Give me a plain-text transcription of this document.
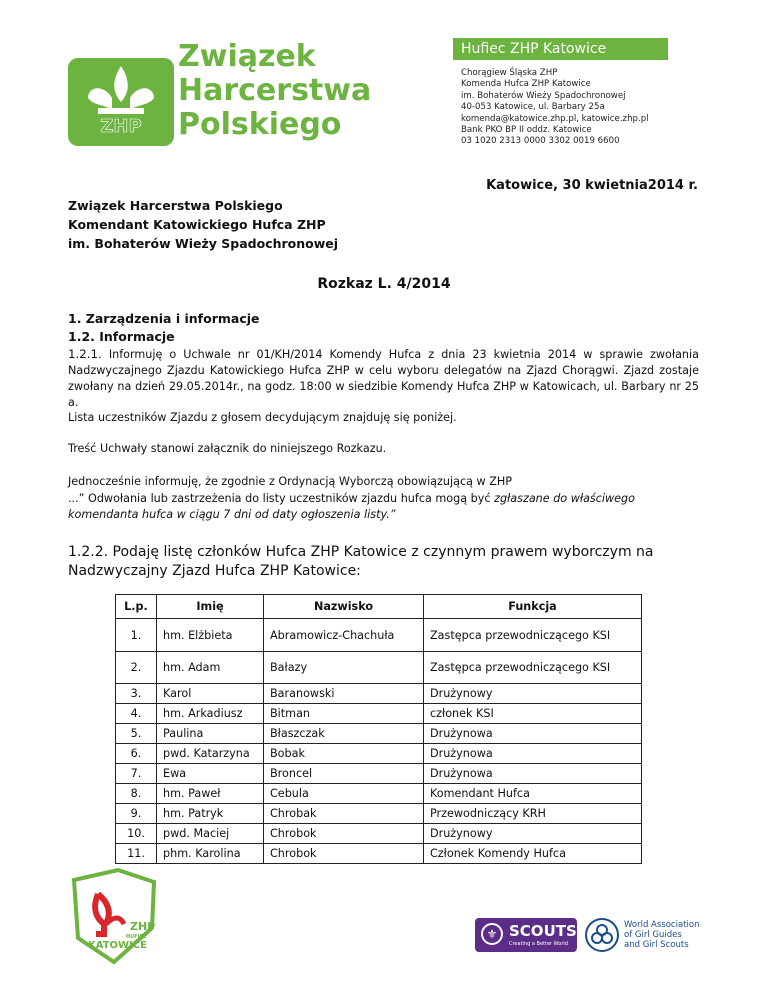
ZHP
Związek
Harcerstwa
Polskiego
Hufiec ZHP Katowice
Chorągiew Śląska ZHP
Komenda Hufca ZHP Katowice
im. Bohaterów Wieży Spadochronowej
40-053 Katowice, ul. Barbary 25a
komenda@katowice.zhp.pl, katowice.zhp.pl
Bank PKO BP II oddz. Katowice
03 1020 2313 0000 3302 0019 6600
Katowice, 30 kwietnia2014 r.
Związek Harcerstwa Polskiego
Komendant Katowickiego Hufca ZHP
im. Bohaterów Wieży Spadochronowej
Rozkaz L. 4/2014
1. Zarządzenia i informacje
1.2. Informacje
1.2.1. Informuję o Uchwale nr 01/KH/2014 Komendy Hufca z dnia 23 kwietnia 2014 w sprawie zwołania Nadzwyczajnego Zjazdu Katowickiego Hufca ZHP w celu wyboru delegatów na Zjazd Chorągwi. Zjazd zostaje zwołany na dzień 29.05.2014r., na godz. 18:00 w siedzibie Komendy Hufca ZHP w Katowicach, ul. Barbary nr 25 a.
Lista uczestników Zjazdu z głosem decydującym znajduję się poniżej.
Treść Uchwały stanowi załącznik do niniejszego Rozkazu.
Jednocześnie informuję, że zgodnie z Ordynacją Wyborczą obowiązującą w ZHP
...” Odwołania lub zastrzeżenia do listy uczestników zjazdu hufca mogą być zgłaszane do właściwego komendanta hufca w ciągu 7 dni od daty ogłoszenia listy.”
1.2.2. Podaję listę członków Hufca ZHP Katowice z czynnym prawem wyborczym na Nadzwyczajny Zjazd Hufca ZHP Katowice:
L.p.	Imię	Nazwisko	Funkcja
1.	hm. Elżbieta	Abramowicz-Chachuła	Zastępca przewodniczącego KSI
2.	hm. Adam	Bałazy	Zastępca przewodniczącego KSI
3.	Karol	Baranowski	Drużynowy
4.	hm. Arkadiusz	Bitman	członek KSI
5.	Paulina	Błaszczak	Drużynowa
6.	pwd. Katarzyna	Bobak	Drużynowa
7.	Ewa	Broncel	Drużynowa
8.	hm. Paweł	Cebula	Komendant Hufca
9.	hm. Patryk	Chrobak	Przewodniczący KRH
10.	pwd. Maciej	Chrobok	Drużynowy
11.	phm. Karolina	Chrobok	Członek Komendy Hufca
ZHP
HUFIEC
KATOWICE
⚜ SCOUTS
Creating a Better World
World Association
of Girl Guides
and Girl Scouts
